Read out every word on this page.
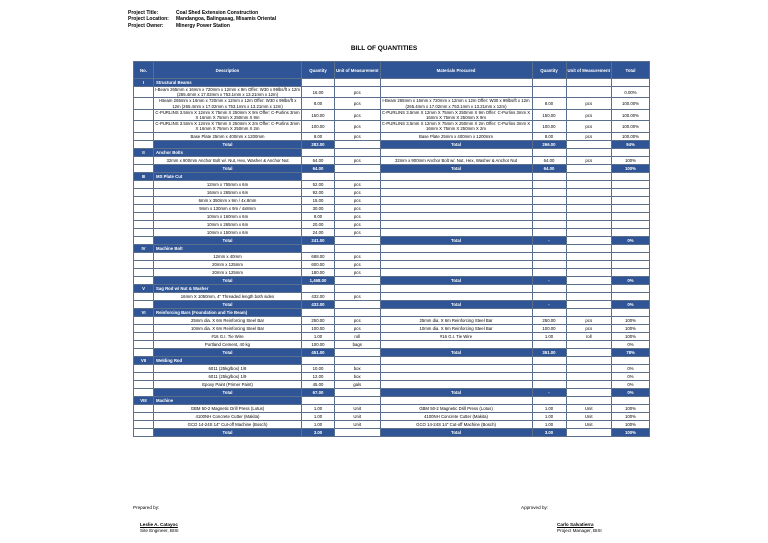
Project Title:	Coal Shed Extension Construction
Project Location:	Mandangoa, Balingasag, Misamis Oriental
Project Owner:	Minergy Power Station
BILL OF QUANTITIES
No.	Description	Quantity	Unit of Measurement	Materials Procured	Quantity	Unit of Measurement	Total
I	Structural Beams						
	I-Beam 265mm x 16mm x 720mm x 12mm x 9m Offer: W30 x 99lbs/ft x 12m (265.4mm x 17.02mm x 753.1mm x 13.21mm x 12m)	16.00	pcs				0.00%
	I-Beam 265mm x 16mm x 720mm x 12mm x 12m Offer: W30 x 99lbs/ft x 12m (265.4mm x 17.02mm x 753.1mm x 13.21mm x 12m)	8.00	pcs	I-Beam 265mm x 16mm x 720mm x 12mm x 12m Offer: W30 x 99lbs/ft x 12m (265.4mm x 17.02mm x 753.1mm x 13.21mm x 12m)	8.00	pcs	100.00%
	C-PURLINS 3.5mm X 12mm X 75mm X 250mm X 9m Offer: C-Purlins 3mm X 16mm X 75mm X 250mm X 9m	150.00	pcs	C-PURLINS 3.5mm X 12mm X 75mm X 250mm X 9m Offer: C-Purlins 3mm X 16mm X 75mm X 250mm X 9m	150.00	pcs	100.00%
	C-PURLINS 3.5mm X 12mm X 75mm X 250mm X 2m Offer: C-Purlins 3mm X 16mm X 75mm X 250mm X 2m	100.00	pcs	C-PURLINS 3.5mm X 12mm X 75mm X 250mm X 2m Offer: C-Purlins 3mm X 16mm X 75mm X 250mm X 2m	100.00	pcs	100.00%
	Base Plate 25mm x 400mm x 1200mm	8.00	pcs	Base Plate 25mm x 400mm x 1200mm	8.00	pcs	100.00%
	Total	282.00		Total	266.00		94%
II	Anchor Bolts						
	32mm x 900mm Anchor Bolt w/. Nut, Hex, Washer & Anchor Nut	64.00	pcs	32mm x 900mm Anchor Bolt w/. Nut, Hex, Washer & Anchor Nut	64.00	pcs	100%
	Total	64.00		Total	64.00		100%
III	MS Plate Cut						
	12mm x 755mm x 6m	52.00	pcs				
	16mm x 265mm x 6m	92.00	pcs				
	6mm x 350mm x 9m / 4x.8mm	15.00	pcs				
	9mm x 130mm x 9m / 4x8mm	30.00	pcs				
	10mm x 160mm x 6m	8.00	pcs				
	10mm x 265mm x 6m	20.00	pcs				
	10mm x 150mm x 6m	24.00	pcs				
	Total	241.00		Total	-		0%
IV	Machine Bolt						
	12mm x 40mm	688.00	pcs				
	20mm x 125mm	600.00	pcs				
	20mm x 125mm	180.00	pcs				
	Total	1,468.00		Total	-		0%
V	Sag Rod w/ Nut & Washer						
	16mm X 1050mm, 4" Threaded length both sides	432.00	pcs				
	Total	432.00		Total	-		0%
VI	Reinforcing Bars (Foundation and Tie Beam)						
	25mm dia. X 6m Reinforcing Steel Bar	250.00	pcs	25mm dia. X 6m Reinforcing Steel Bar	250.00	pcs	100%
	10mm dia. X 6m Reinforcing Steel Bar	100.00	pcs	10mm dia. X 6m Reinforcing Steel Bar	100.00	pcs	100%
	#16 G.I. Tie Wire	1.00	roll	#16 G.I. Tie Wire	1.00	roll	100%
	Portland Cement, 40 kg	100.00	bags				0%
	Total	451.00		Total	351.00		78%
VII	Welding Rod						
	6011 (25kg/box) 1/8	10.00	box				0%
	6011 (25kg/box) 1/9	12.00	box				0%
	Epoxy Paint (Primer Paint)	45.00	gals				0%
	Total	67.00		Total	-		0%
VIII	Machine						
	GBM 50-2 Magnetic Drill Press (Lotus)	1.00	Unit	GBM 50-2 Magnetic Drill Press (Lotus)	1.00	Unit	100%
	4100NH Concrete Cutter (Makita)	1.00	Unit	4100NH Concrete Cutter (Makita)	1.00	Unit	100%
	GCO 14-24S 14" Cut-off Machine (Bosch)	1.00	Unit	GCO 14-24S 14" Cut-off Machine (Bosch)	1.00	Unit	100%
	Total	3.00		Total	3.00		100%
Prepared by:
Leslie A. Catayoc
Site Engineer, BISI
Approved by:
Carlo Salvatierra
Project Manager, BISI
